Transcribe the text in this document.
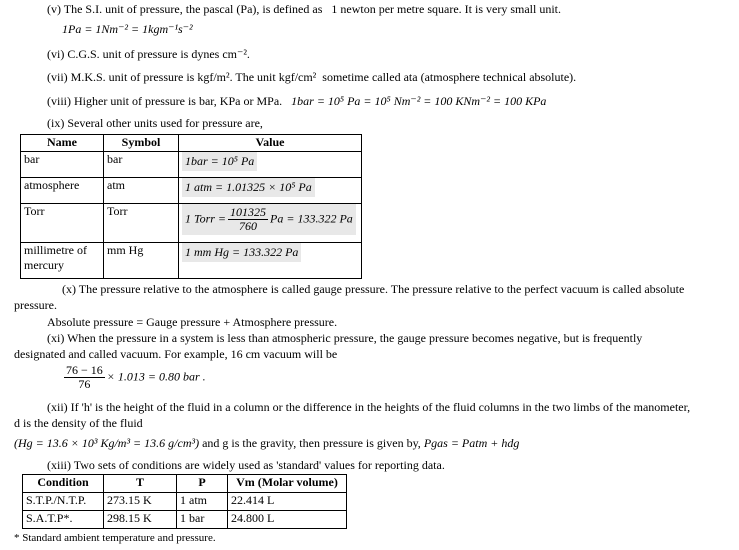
(v) The S.I. unit of pressure, the pascal (Pa), is defined as 1 newton per metre square. It is very small unit.
1Pa = 1Nm⁻² = 1kgm⁻¹s⁻²
(vi) C.G.S. unit of pressure is dynes cm⁻².
(vii) M.K.S. unit of pressure is kgf/m². The unit kgf/cm² sometime called ata (atmosphere technical absolute).
(viii) Higher unit of pressure is bar, KPa or MPa. 1bar = 10⁵ Pa = 10⁵ Nm⁻² = 100 KNm⁻² = 100 KPa
(ix) Several other units used for pressure are,
Name	Symbol	Value
bar	bar	1bar = 10⁵ Pa
atmosphere	atm	1 atm = 1.01325 × 10⁵ Pa
Torr	Torr	1 Torr = $\frac{101325}{760}$ Pa = 133.322 Pa
millimetre of mercury	mm Hg	1 mm Hg = 133.322 Pa
(x) The pressure relative to the atmosphere is called gauge pressure. The pressure relative to the perfect vacuum is called absolute
pressure.
Absolute pressure = Gauge pressure + Atmosphere pressure.
(xi) When the pressure in a system is less than atmospheric pressure, the gauge pressure becomes negative, but is frequently
designated and called vacuum. For example, 16 cm vacuum will be
$\frac{76 - 16}{76} \times 1.013 = 0.80$ bar .
(xii) If 'h' is the height of the fluid in a column or the difference in the heights of the fluid columns in the two limbs of the manometer,
d is the density of the fluid
(Hg = 13.6 × 10³ Kg/m³ = 13.6 g/cm³) and g is the gravity, then pressure is given by, Pgas = Patm + hdg
(xiii) Two sets of conditions are widely used as 'standard' values for reporting data.
Condition	T	P	Vm (Molar volume)
S.T.P./N.T.P.	273.15 K	1 atm	22.414 L
S.A.T.P*.	298.15 K	1 bar	24.800 L
* Standard ambient temperature and pressure.
